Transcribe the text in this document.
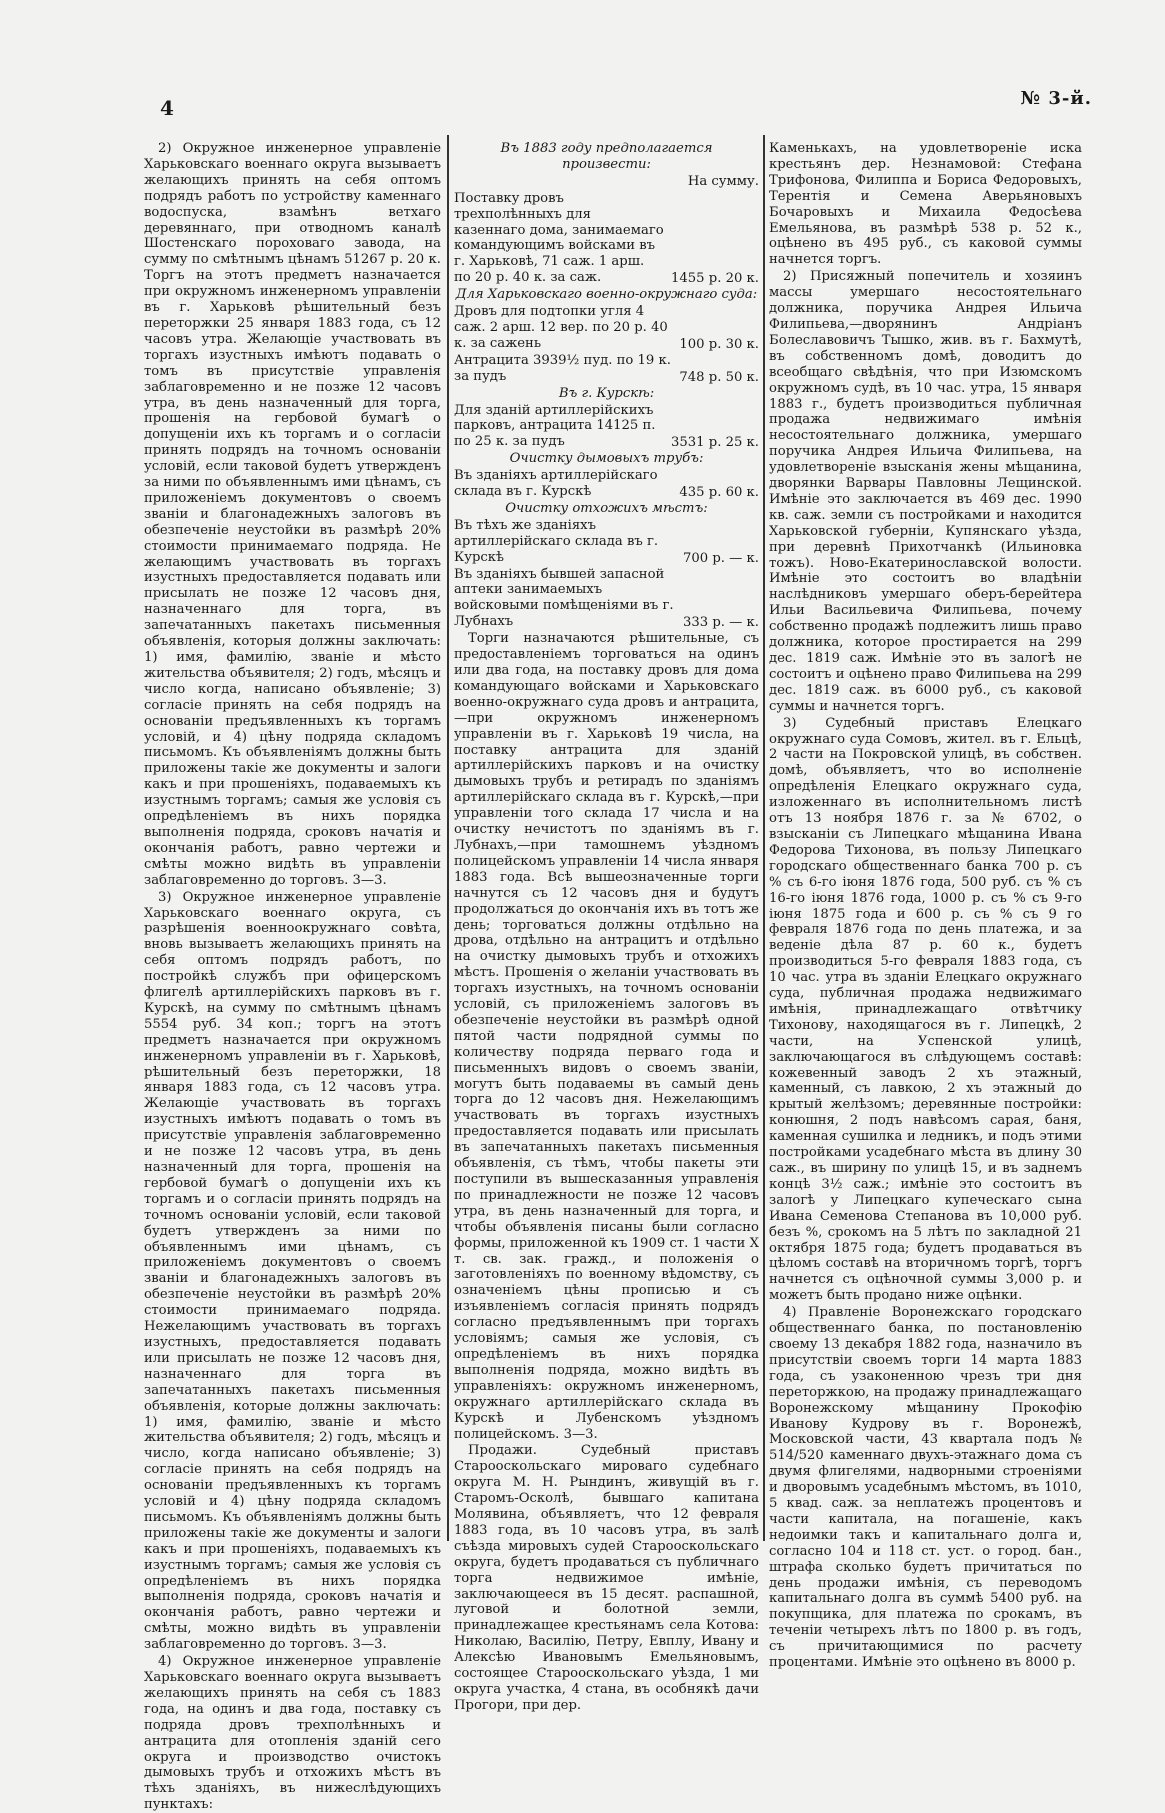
4	№ 3-й.

2) Окружное инженерное управленіе Харьковскаго военнаго округа вызываетъ желающихъ принять на себя оптомъ подрядъ работъ по устройству каменнаго водоспуска, взамѣнъ ветхаго деревяннаго, при отводномъ каналѣ Шостенскаго пороховаго завода, на сумму по смѣтнымъ цѣнамъ 51267 р. 20 к. Торгъ на этотъ предметъ назначается при окружномъ инженерномъ управленіи въ г. Харьковѣ рѣшительный безъ переторжки 25 января 1883 года, съ 12 часовъ утра. Желающіе участвовать въ торгахъ изустныхъ имѣютъ подавать о томъ въ присутствіе управленія заблаговременно и не позже 12 часовъ утра, въ день назначенный для торга, прошенія на гербовой бумагѣ о допущеніи ихъ къ торгамъ и о согласіи принять подрядъ на точномъ основаніи условій, если таковой будетъ утвержденъ за ними по объявленнымъ ими цѣнамъ, съ приложеніемъ документовъ о своемъ званіи и благонадежныхъ залоговъ въ обезпеченіе неустойки въ размѣрѣ 20% стоимости принимаемаго подряда. Не желающимъ участвовать въ торгахъ изустныхъ предоставляется подавать или присылать не позже 12 часовъ дня, назначеннаго для торга, въ запечатанныхъ пакетахъ письменныя объявленія, которыя должны заключать: 1) имя, фамилію, званіе и мѣсто жительства объявителя; 2) годъ, мѣсяцъ и число когда, написано объявленіе; 3) согласіе принять на себя подрядъ на основаніи предъявленныхъ къ торгамъ условій, и 4) цѣну подряда складомъ письмомъ. Къ объявленіямъ должны быть приложены такіе же документы и залоги какъ и при прошеніяхъ, подаваемыхъ къ изустнымъ торгамъ; самыя же условія съ опредѣленіемъ въ нихъ порядка выполненія подряда, сроковъ начатія и окончанія работъ, равно чертежи и смѣты можно видѣть въ управленіи заблаговременно до торговъ. 3—3.

3) Окружное инженерное управленіе Харьковскаго военнаго округа, съ разрѣшенія военноокружнаго совѣта, вновь вызываетъ желающихъ принять на себя оптомъ подрядъ работъ, по постройкѣ службъ при офицерскомъ флигелѣ артиллерійскихъ парковъ въ г. Курскѣ, на сумму по смѣтнымъ цѣнамъ 5554 руб. 34 коп.; торгъ на этотъ предметъ назначается при окружномъ инженерномъ управленіи въ г. Харьковѣ, рѣшительный безъ переторжки, 18 января 1883 года, съ 12 часовъ утра. Желающіе участвовать въ торгахъ изустныхъ имѣютъ подавать о томъ въ присутствіе управленія заблаговременно и не позже 12 часовъ утра, въ день назначенный для торга, прошенія на гербовой бумагѣ о допущеніи ихъ къ торгамъ и о согласіи принять подрядъ на точномъ основаніи условій, если таковой будетъ утвержденъ за ними по объявленнымъ ими цѣнамъ, съ приложеніемъ документовъ о своемъ званіи и благонадежныхъ залоговъ въ обезпеченіе неустойки въ размѣрѣ 20% стоимости принимаемаго подряда. Нежелающимъ участвовать въ торгахъ изустныхъ, предоставляется подавать или присылать не позже 12 часовъ дня, назначеннаго для торга въ запечатанныхъ пакетахъ письменныя объявленія, которые должны заключать: 1) имя, фамилію, званіе и мѣсто жительства объявителя; 2) годъ, мѣсяцъ и число, когда написано объявленіе; 3) согласіе принять на себя подрядъ на основаніи предъявленныхъ къ торгамъ условій и 4) цѣну подряда складомъ письмомъ. Къ объявленіямъ должны быть приложены такіе же документы и залоги какъ и при прошеніяхъ, подаваемыхъ къ изустнымъ торгамъ; самыя же условія съ опредѣленіемъ въ нихъ порядка выполненія подряда, сроковъ начатія и окончанія работъ, равно чертежи и смѣты, можно видѣть въ управленіи заблаговременно до торговъ. 3—3.

4) Окружное инженерное управленіе Харьковскаго военнаго округа вызываетъ желающихъ принять на себя съ 1883 года, на одинъ и два года, поставку съ подряда дровъ трехполѣнныхъ и антрацита для отопленія зданій сего округа и производство очистокъ дымовыхъ трубъ и отхожихъ мѣстъ въ тѣхъ зданіяхъ, въ нижеслѣдующихъ пунктахъ:

Въ 1883 году предполагается произвести:

На сумму.

Поставку дровъ трехполѣнныхъ для казеннаго дома, занимаемаго командующимъ войсками въ г. Харьковѣ, 71 саж. 1 арш. по 20 р. 40 к. за саж.	1455 р. 20 к.

Для Харьковскаго военно-окружнаго суда:

Дровъ для подтопки угля 4 саж. 2 арш. 12 вер. по 20 р. 40 к. за сажень	100 р. 30 к.

Антрацита 3939½ пуд. по 19 к. за пудъ	748 р. 50 к.

Въ г. Курскѣ:

Для зданій артиллерійскихъ парковъ, антрацита 14125 п. по 25 к. за пудъ	3531 р. 25 к.

Очистку дымовыхъ трубъ:

Въ зданіяхъ артиллерійскаго склада въ г. Курскѣ	435 р. 60 к.

Очистку отхожихъ мѣстъ:

Въ тѣхъ же зданіяхъ артиллерійскаго склада въ г. Курскѣ	700 р. — к.

Въ зданіяхъ бывшей запасной аптеки занимаемыхъ войсковыми помѣщеніями въ г. Лубнахъ	333 р. — к.

Торги назначаются рѣшительные, съ предоставленіемъ торговаться на одинъ или два года, на поставку дровъ для дома командующаго войсками и Харьковскаго военно-окружнаго суда дровъ и антрацита,—при окружномъ инженерномъ управленіи въ г. Харьковѣ 19 числа, на поставку антрацита для зданій артиллерійскихъ парковъ и на очистку дымовыхъ трубъ и ретирадъ по зданіямъ артиллерійскаго склада въ г. Курскѣ,—при управленіи того склада 17 числа и на очистку нечистотъ по зданіямъ въ г. Лубнахъ,—при тамошнемъ уѣздномъ полицейскомъ управленіи 14 числа января 1883 года. Всѣ вышеозначенные торги начнутся съ 12 часовъ дня и будутъ продолжаться до окончанія ихъ въ тотъ же день; торговаться должны отдѣльно на дрова, отдѣльно на антрацитъ и отдѣльно на очистку дымовыхъ трубъ и отхожихъ мѣстъ. Прошенія о желаніи участвовать въ торгахъ изустныхъ, на точномъ основаніи условій, съ приложеніемъ залоговъ въ обезпеченіе неустойки въ размѣрѣ одной пятой части подрядной суммы по количеству подряда перваго года и письменныхъ видовъ о своемъ званіи, могутъ быть подаваемы въ самый день торга до 12 часовъ дня. Нежелающимъ участвовать въ торгахъ изустныхъ предоставляется подавать или присылать въ запечатанныхъ пакетахъ письменныя объявленія, съ тѣмъ, чтобы пакеты эти поступили въ вышесказанныя управленія по принадлежности не позже 12 часовъ утра, въ день назначенный для торга, и чтобы объявленія писаны были согласно формы, приложенной къ 1909 ст. 1 части X т. св. зак. гражд., и положенія о заготовленіяхъ по военному вѣдомству, съ означеніемъ цѣны прописью и съ изъявленіемъ согласія принять подрядъ согласно предъявленнымъ при торгахъ условіямъ; самыя же условія, съ опредѣленіемъ въ нихъ порядка выполненія подряда, можно видѣть въ управленіяхъ: окружномъ инженерномъ, окружнаго артиллерійскаго склада въ Курскѣ и Лубенскомъ уѣздномъ полицейскомъ. 3—3.

Продажи. Судебный приставъ Старооскольскаго мироваго судебнаго округа М. Н. Рындинъ, живущій въ г. Старомъ-Осколѣ, бывшаго капитана Молявина, объявляетъ, что 12 февраля 1883 года, въ 10 часовъ утра, въ залѣ съѣзда мировыхъ судей Старооскольскаго округа, будетъ продаваться съ публичнаго торга недвижимое имѣніе, заключающееся въ 15 десят. распашной, луговой и болотной земли, принадлежащее крестьянамъ села Котова: Николаю, Василію, Петру, Евплу, Ивану и Алексѣю Ивановымъ Емельяновымъ, состоящее Старооскольскаго уѣзда, 1 ми округа участка, 4 стана, въ особнякѣ дачи Прогори, при дер.

Каменькахъ, на удовлетвореніе иска крестьянъ дер. Незнамовой: Стефана Трифонова, Филиппа и Бориса Федоровыхъ, Терентія и Семена Аверьяновыхъ Бочаровыхъ и Михаила Федосѣева Емельянова, въ размѣрѣ 538 р. 52 к., оцѣнено въ 495 руб., съ каковой суммы начнется торгъ.

2) Присяжный попечитель и хозяинъ массы умершаго несостоятельнаго должника, поручика Андрея Ильича Филипьева,—дворянинъ Андріанъ Болеславовичъ Тышко, жив. въ г. Бахмутѣ, въ собственномъ домѣ, доводитъ до всеобщаго свѣдѣнія, что при Изюмскомъ окружномъ судѣ, въ 10 час. утра, 15 января 1883 г., будетъ производиться публичная продажа недвижимаго имѣнія несостоятельнаго должника, умершаго поручика Андрея Ильича Филипьева, на удовлетвореніе взысканія жены мѣщанина, дворянки Варвары Павловны Лещинской. Имѣніе это заключается въ 469 дес. 1990 кв. саж. земли съ постройками и находится Харьковской губерніи, Купянскаго уѣзда, при деревнѣ Прихотчанкѣ (Ильиновка тожъ). Ново-Екатеринославской волости. Имѣніе это состоитъ во владѣніи наслѣдниковъ умершаго оберъ-берейтера Ильи Васильевича Филипьева, почему собственно продажѣ подлежитъ лишь право должника, которое простирается на 299 дес. 1819 саж. Имѣніе это въ залогѣ не состоитъ и оцѣнено право Филипьева на 299 дес. 1819 саж. въ 6000 руб., съ каковой суммы и начнется торгъ.

3) Судебный приставъ Елецкаго окружнаго суда Сомовъ, жител. въ г. Ельцѣ, 2 части на Покровской улицѣ, въ собствен. домѣ, объявляетъ, что во исполненіе опредѣленія Елецкаго окружнаго суда, изложеннаго въ исполнительномъ листѣ отъ 13 ноября 1876 г. за № 6702, о взысканіи съ Липецкаго мѣщанина Ивана Федорова Тихонова, въ пользу Липецкаго городскаго общественнаго банка 700 р. съ % съ 6-го іюня 1876 года, 500 руб. съ % съ 16-го іюня 1876 года, 1000 р. съ % съ 9-го іюня 1875 года и 600 р. съ % съ 9 го февраля 1876 года по день платежа, и за веденіе дѣла 87 р. 60 к., будетъ производиться 5-го февраля 1883 года, съ 10 час. утра въ зданіи Елецкаго окружнаго суда, публичная продажа недвижимаго имѣнія, принадлежащаго отвѣтчику Тихонову, находящагося въ г. Липецкѣ, 2 части, на Успенской улицѣ, заключающагося въ слѣдующемъ составѣ: кожевенный заводъ 2 хъ этажный, каменный, съ лавкою, 2 хъ этажный до крытый желѣзомъ; деревянные постройки: конюшня, 2 подъ навѣсомъ сарая, баня, каменная сушилка и ледникъ, и подъ этими постройками усадебнаго мѣста въ длину 30 саж., въ ширину по улицѣ 15, и въ заднемъ концѣ 3½ саж.; имѣніе это состоитъ въ залогѣ у Липецкаго купеческаго сына Ивана Семенова Степанова въ 10,000 руб. безъ %, срокомъ на 5 лѣтъ по закладной 21 октября 1875 года; будетъ продаваться въ цѣломъ составѣ на вторичномъ торгѣ, торгъ начнется съ оцѣночной суммы 3,000 р. и можетъ быть продано ниже оцѣнки.

4) Правленіе Воронежскаго городскаго общественнаго банка, по постановленію своему 13 декабря 1882 года, назначило въ присутствіи своемъ торги 14 марта 1883 года, съ узаконенною чрезъ три дня переторжкою, на продажу принадлежащаго Воронежскому мѣщанину Прокофію Иванову Кудрову въ г. Воронежѣ, Московской части, 43 квартала подъ № 514/520 каменнаго двухъ-этажнаго дома съ двумя флигелями, надворными строеніями и дворовымъ усадебнымъ мѣстомъ, въ 1010, 5 квад. саж. за неплатежъ процентовъ и части капитала, на погашеніе, какъ недоимки такъ и капитальнаго долга и, согласно 104 и 118 ст. уст. о город. бан., штрафа сколько будетъ причитаться по день продажи имѣнія, съ переводомъ капитальнаго долга въ суммѣ 5400 руб. на покупщика, для платежа по срокамъ, въ теченіи четырехъ лѣтъ по 1800 р. въ годъ, съ причитающимися по расчету процентами. Имѣніе это оцѣнено въ 8000 р.
